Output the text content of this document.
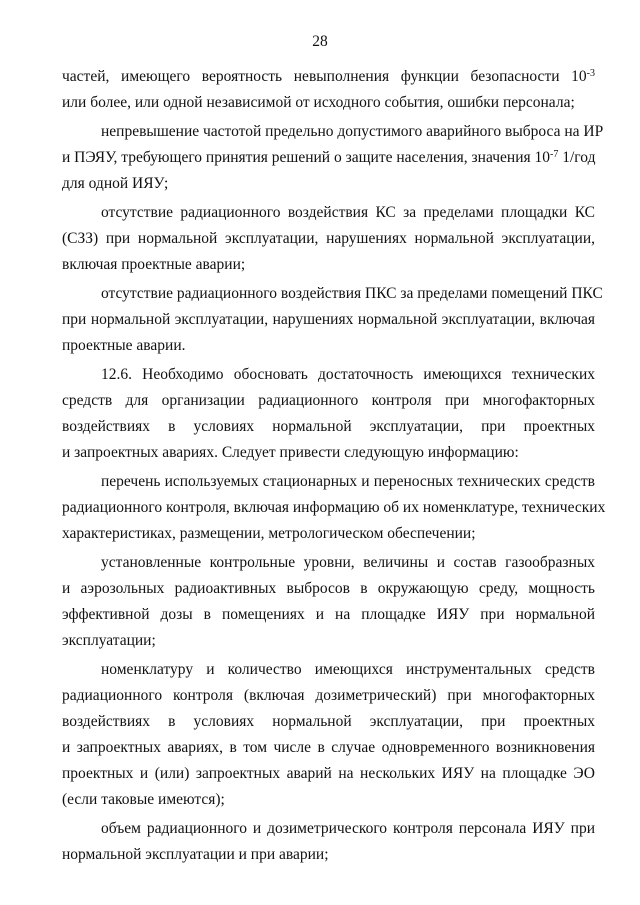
28
частей, имеющего вероятность невыполнения функции безопасности $10^{-3}$
или более, или одной независимой от исходного события, ошибки персонала;
непревышение частотой предельно допустимого аварийного выброса на ИР
и ПЭЯУ, требующего принятия решений о защите населения, значения $10^{-7}$ 1/год
для одной ИЯУ;
отсутствие радиационного воздействия КС за пределами площадки КС
(СЗЗ) при нормальной эксплуатации, нарушениях нормальной эксплуатации,
включая проектные аварии;
отсутствие радиационного воздействия ПКС за пределами помещений ПКС
при нормальной эксплуатации, нарушениях нормальной эксплуатации, включая
проектные аварии.
12.6. Необходимо обосновать достаточность имеющихся технических
средств для организации радиационного контроля при многофакторных
воздействиях в условиях нормальной эксплуатации, при проектных
и запроектных авариях. Следует привести следующую информацию:
перечень используемых стационарных и переносных технических средств
радиационного контроля, включая информацию об их номенклатуре, технических
характеристиках, размещении, метрологическом обеспечении;
установленные контрольные уровни, величины и состав газообразных
и аэрозольных радиоактивных выбросов в окружающую среду, мощность
эффективной дозы в помещениях и на площадке ИЯУ при нормальной
эксплуатации;
номенклатуру и количество имеющихся инструментальных средств
радиационного контроля (включая дозиметрический) при многофакторных
воздействиях в условиях нормальной эксплуатации, при проектных
и запроектных авариях, в том числе в случае одновременного возникновения
проектных и (или) запроектных аварий на нескольких ИЯУ на площадке ЭО
(если таковые имеются);
объем радиационного и дозиметрического контроля персонала ИЯУ при
нормальной эксплуатации и при аварии;
